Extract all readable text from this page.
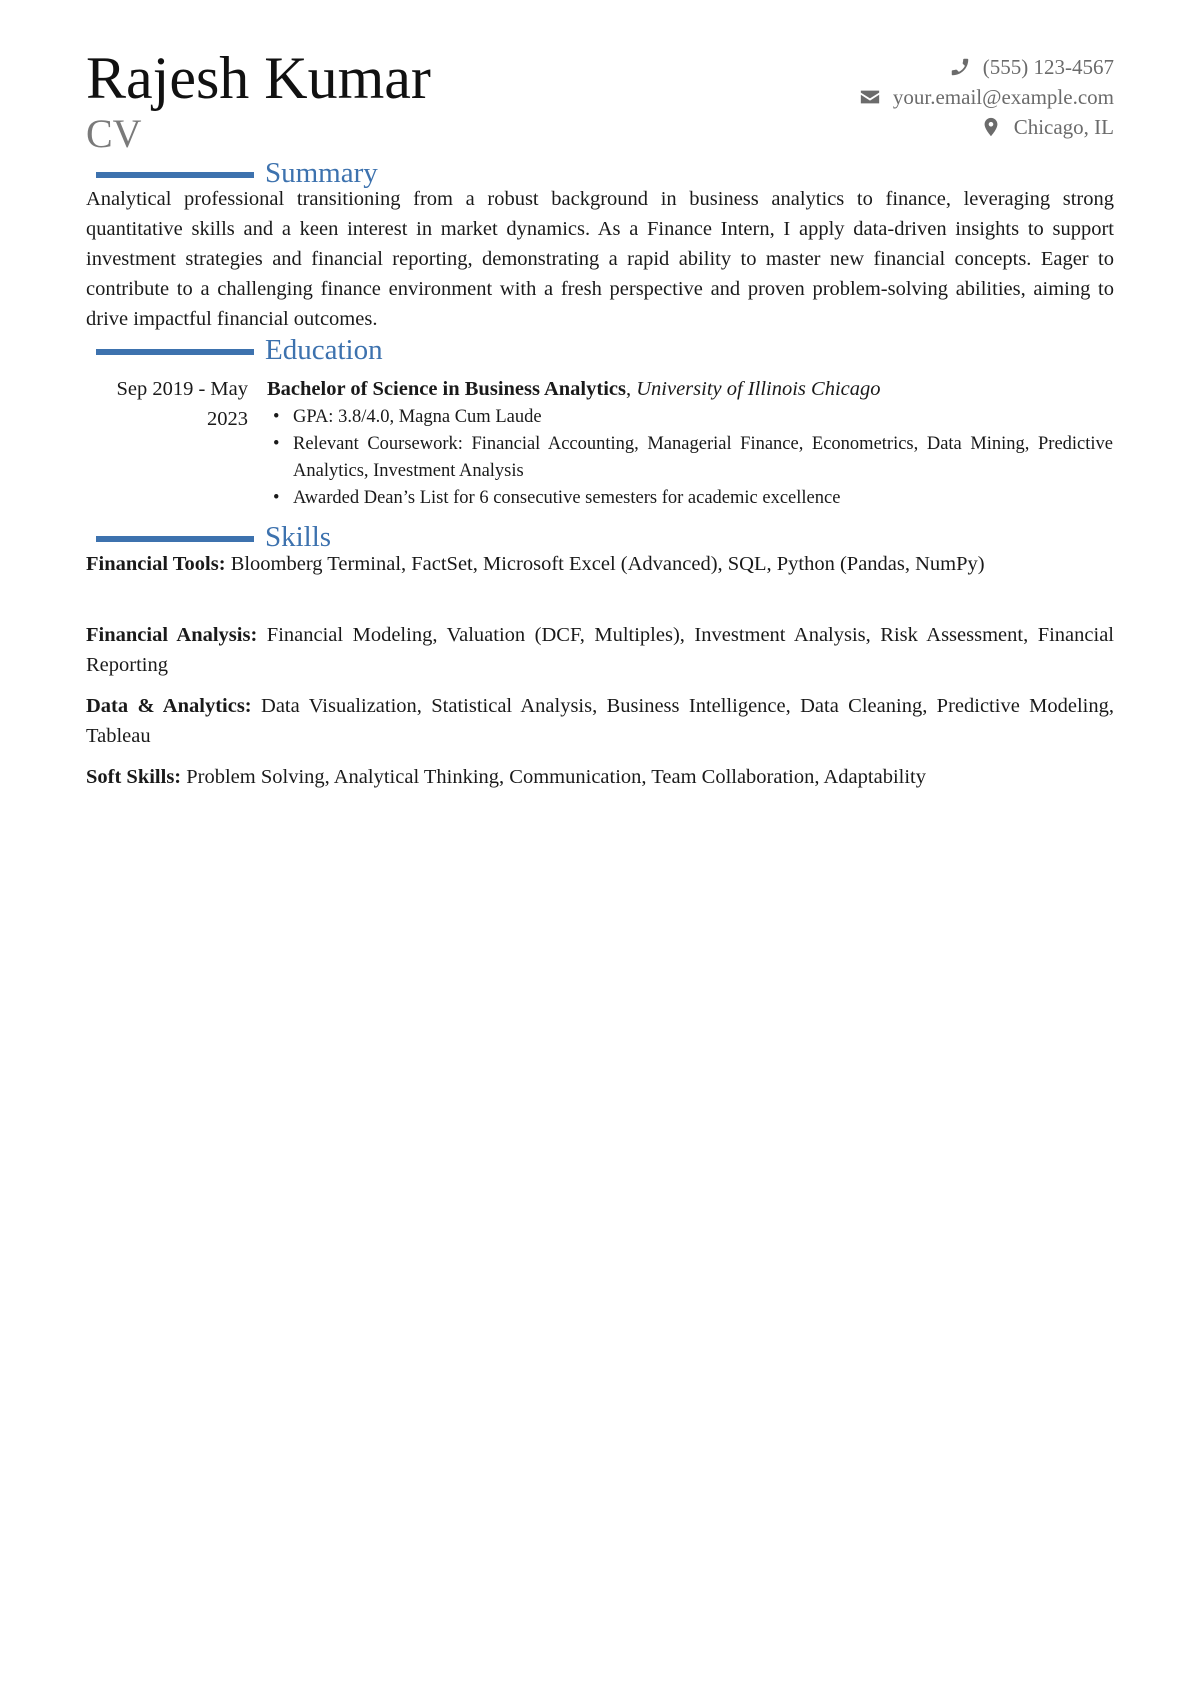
Rajesh Kumar
CV
(555) 123-4567
your.email@example.com
Chicago, IL
Summary

Analytical professional transitioning from a robust background in business analytics to finance, leveraging strong quantitative skills and a keen interest in market dynamics. As a Finance Intern, I apply data-driven insights to support investment strategies and financial reporting, demonstrating a rapid ability to master new financial concepts. Eager to contribute to a challenging finance environment with a fresh perspective and proven problem-solving abilities, aiming to drive impactful financial outcomes.

Education
Sep 2019 - May 2023
Bachelor of Science in Business Analytics, University of Illinois Chicago
• GPA: 3.8/4.0, Magna Cum Laude
• Relevant Coursework: Financial Accounting, Managerial Finance, Econometrics, Data Mining, Predictive Analytics, Investment Analysis
• Awarded Dean’s List for 6 consecutive semesters for academic excellence
Skills

Financial Tools: Bloomberg Terminal, FactSet, Microsoft Excel (Advanced), SQL, Python (Pandas, NumPy)

Financial Analysis: Financial Modeling, Valuation (DCF, Multiples), Investment Analysis, Risk Assessment, Financial Reporting

Data & Analytics: Data Visualization, Statistical Analysis, Business Intelligence, Data Cleaning, Predictive Modeling, Tableau

Soft Skills: Problem Solving, Analytical Thinking, Communication, Team Collaboration, Adaptability
